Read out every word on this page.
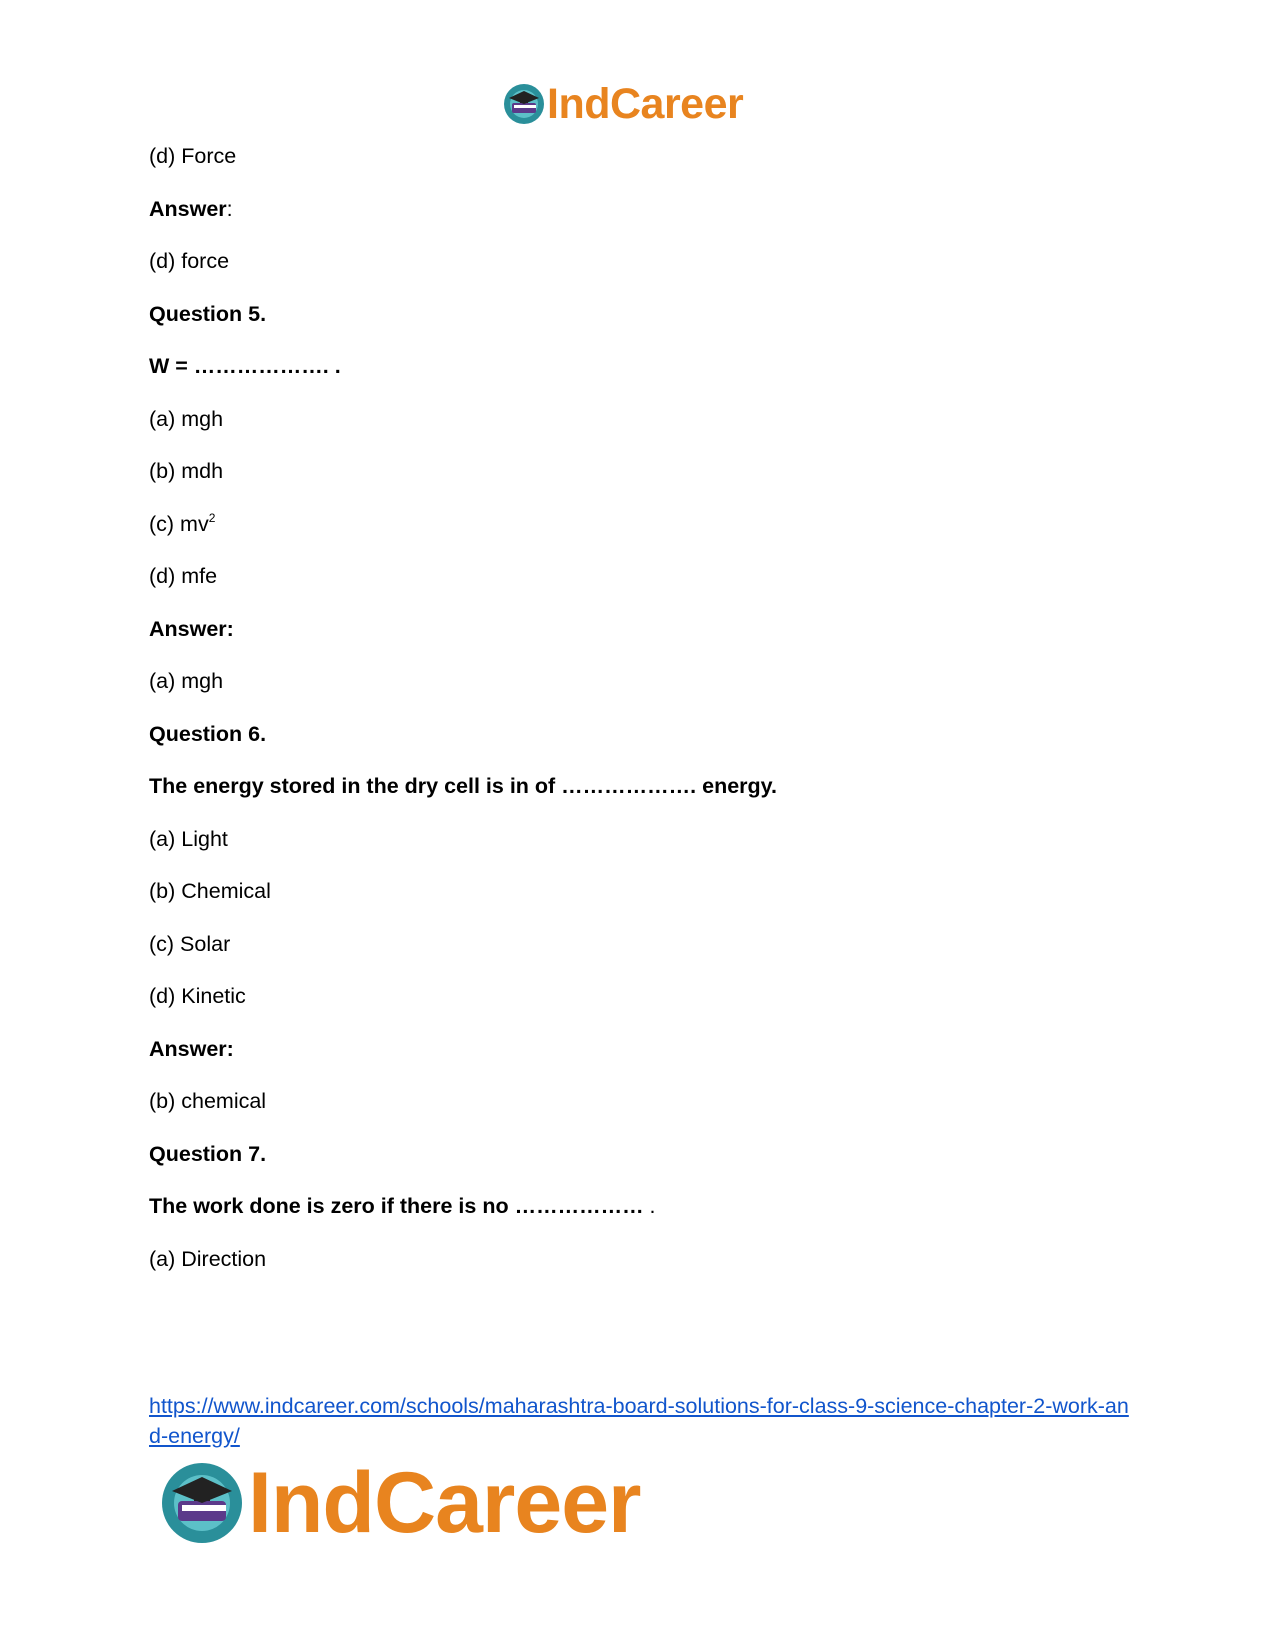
IndCareer
(d) Force
Answer:
(d) force
Question 5.
W = ………………. .
(a) mgh
(b) mdh
(c) $mv^2$
(d) mfe
Answer:
(a) mgh
Question 6.
The energy stored in the dry cell is in of ………………. energy.
(a) Light
(b) Chemical
(c) Solar
(d) Kinetic
Answer:
(b) chemical
Question 7.
The work done is zero if there is no ……………… .
(a) Direction
https://www.indcareer.com/schools/maharashtra-board-solutions-for-class-9-science-chapter-2-work-and-energy/
IndCareer
